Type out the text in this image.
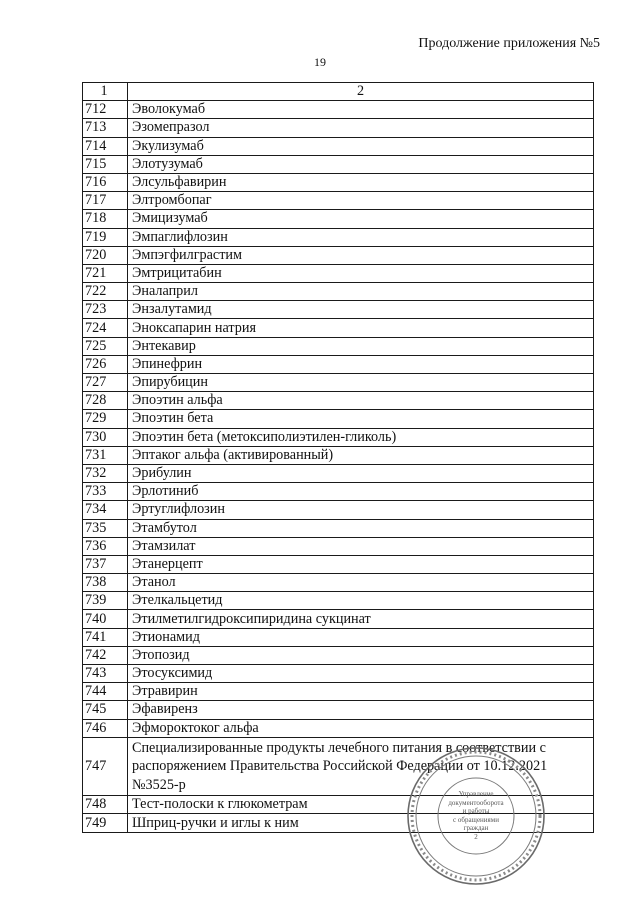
Продолжение приложения №5
19
1	2
712	Эволокумаб
713	Эзомепразол
714	Экулизумаб
715	Элотузумаб
716	Элсульфавирин
717	Элтромбопаг
718	Эмицизумаб
719	Эмпаглифлозин
720	Эмпэгфилграстим
721	Эмтрицитабин
722	Эналаприл
723	Энзалутамид
724	Эноксапарин натрия
725	Энтекавир
726	Эпинефрин
727	Эпирубицин
728	Эпоэтин альфа
729	Эпоэтин бета
730	Эпоэтин бета (метоксиполиэтилен-гликоль)
731	Эптаког альфа (активированный)
732	Эрибулин
733	Эрлотиниб
734	Эртуглифлозин
735	Этамбутол
736	Этамзилат
737	Этанерцепт
738	Этанол
739	Этелкальцетид
740	Этилметилгидроксипиридина сукцинат
741	Этионамид
742	Этопозид
743	Этосуксимид
744	Этравирин
745	Эфавиренз
746	Эфмороктоког альфа
747	Специализированные продукты лечебного питания в соответствии с распоряжением Правительства Российской Федерации от 10.12.2021 №3525-р
748	Тест-полоски к глюкометрам
749	Шприц-ручки и иглы к ним
Управление
документооборота
и работы
с обращениями
граждан
2
